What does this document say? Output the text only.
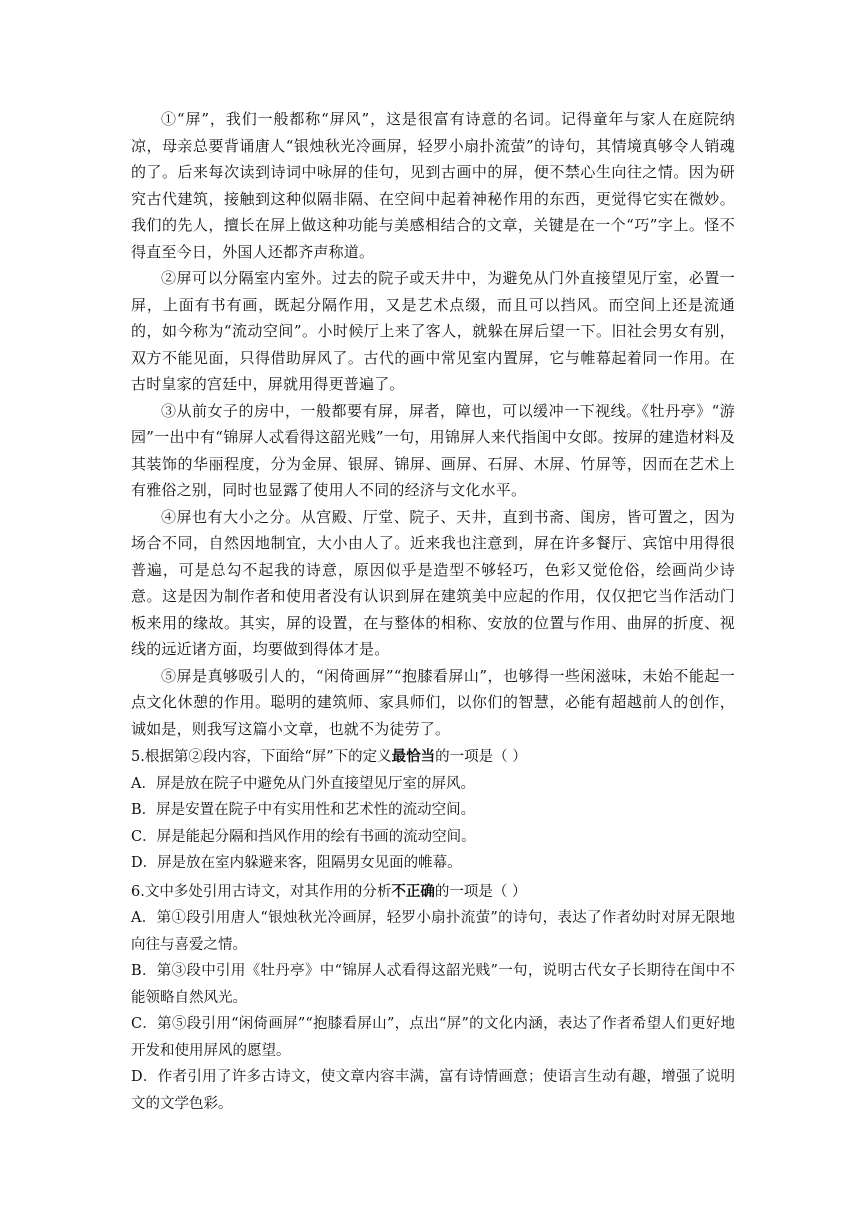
①“屏”，我们一般都称“屏风”，这是很富有诗意的名词。记得童年与家人在庭院纳凉，母亲总要背诵唐人“银烛秋光冷画屏，轻罗小扇扑流萤”的诗句，其情境真够令人销魂的了。后来每次读到诗词中咏屏的佳句，见到古画中的屏，便不禁心生向往之情。因为研究古代建筑，接触到这种似隔非隔、在空间中起着神秘作用的东西，更觉得它实在微妙。我们的先人，擅长在屏上做这种功能与美感相结合的文章，关键是在一个“巧”字上。怪不得直至今日，外国人还都齐声称道。

②屏可以分隔室内室外。过去的院子或天井中，为避免从门外直接望见厅室，必置一屏，上面有书有画，既起分隔作用，又是艺术点缀，而且可以挡风。而空间上还是流通的，如今称为“流动空间”。小时候厅上来了客人，就躲在屏后望一下。旧社会男女有别，双方不能见面，只得借助屏风了。古代的画中常见室内置屏，它与帷幕起着同一作用。在古时皇家的宫廷中，屏就用得更普遍了。

③从前女子的房中，一般都要有屏，屏者，障也，可以缓冲一下视线。《牡丹亭》“游园”一出中有“锦屏人忒看得这韶光贱”一句，用锦屏人来代指闺中女郎。按屏的建造材料及其装饰的华丽程度，分为金屏、银屏、锦屏、画屏、石屏、木屏、竹屏等，因而在艺术上有雅俗之别，同时也显露了使用人不同的经济与文化水平。

④屏也有大小之分。从宫殿、厅堂、院子、天井，直到书斋、闺房，皆可置之，因为场合不同，自然因地制宜，大小由人了。近来我也注意到，屏在许多餐厅、宾馆中用得很普遍，可是总勾不起我的诗意，原因似乎是造型不够轻巧，色彩又觉伧俗，绘画尚少诗意。这是因为制作者和使用者没有认识到屏在建筑美中应起的作用，仅仅把它当作活动门板来用的缘故。其实，屏的设置，在与整体的相称、安放的位置与作用、曲屏的折度、视线的远近诸方面，均要做到得体才是。

⑤屏是真够吸引人的，“闲倚画屏”“抱膝看屏山”，也够得一些闲滋味，未始不能起一点文化休憩的作用。聪明的建筑师、家具师们，以你们的智慧，必能有超越前人的创作，诚如是，则我写这篇小文章，也就不为徒劳了。

5.根据第②段内容，下面给“屏”下的定义最恰当的一项是（ ）

A．屏是放在院子中避免从门外直接望见厅室的屏风。

B．屏是安置在院子中有实用性和艺术性的流动空间。

C．屏是能起分隔和挡风作用的绘有书画的流动空间。

D．屏是放在室内躲避来客，阻隔男女见面的帷幕。

6.文中多处引用古诗文，对其作用的分析不正确的一项是（ ）

A．第①段引用唐人“银烛秋光冷画屏，轻罗小扇扑流萤”的诗句，表达了作者幼时对屏无限地向往与喜爱之情。

B．第③段中引用《牡丹亭》中“锦屏人忒看得这韶光贱”一句，说明古代女子长期待在闺中不能领略自然风光。

C．第⑤段引用“闲倚画屏”“抱膝看屏山”，点出“屏”的文化内涵，表达了作者希望人们更好地开发和使用屏风的愿望。

D．作者引用了许多古诗文，使文章内容丰满，富有诗情画意；使语言生动有趣，增强了说明文的文学色彩。
